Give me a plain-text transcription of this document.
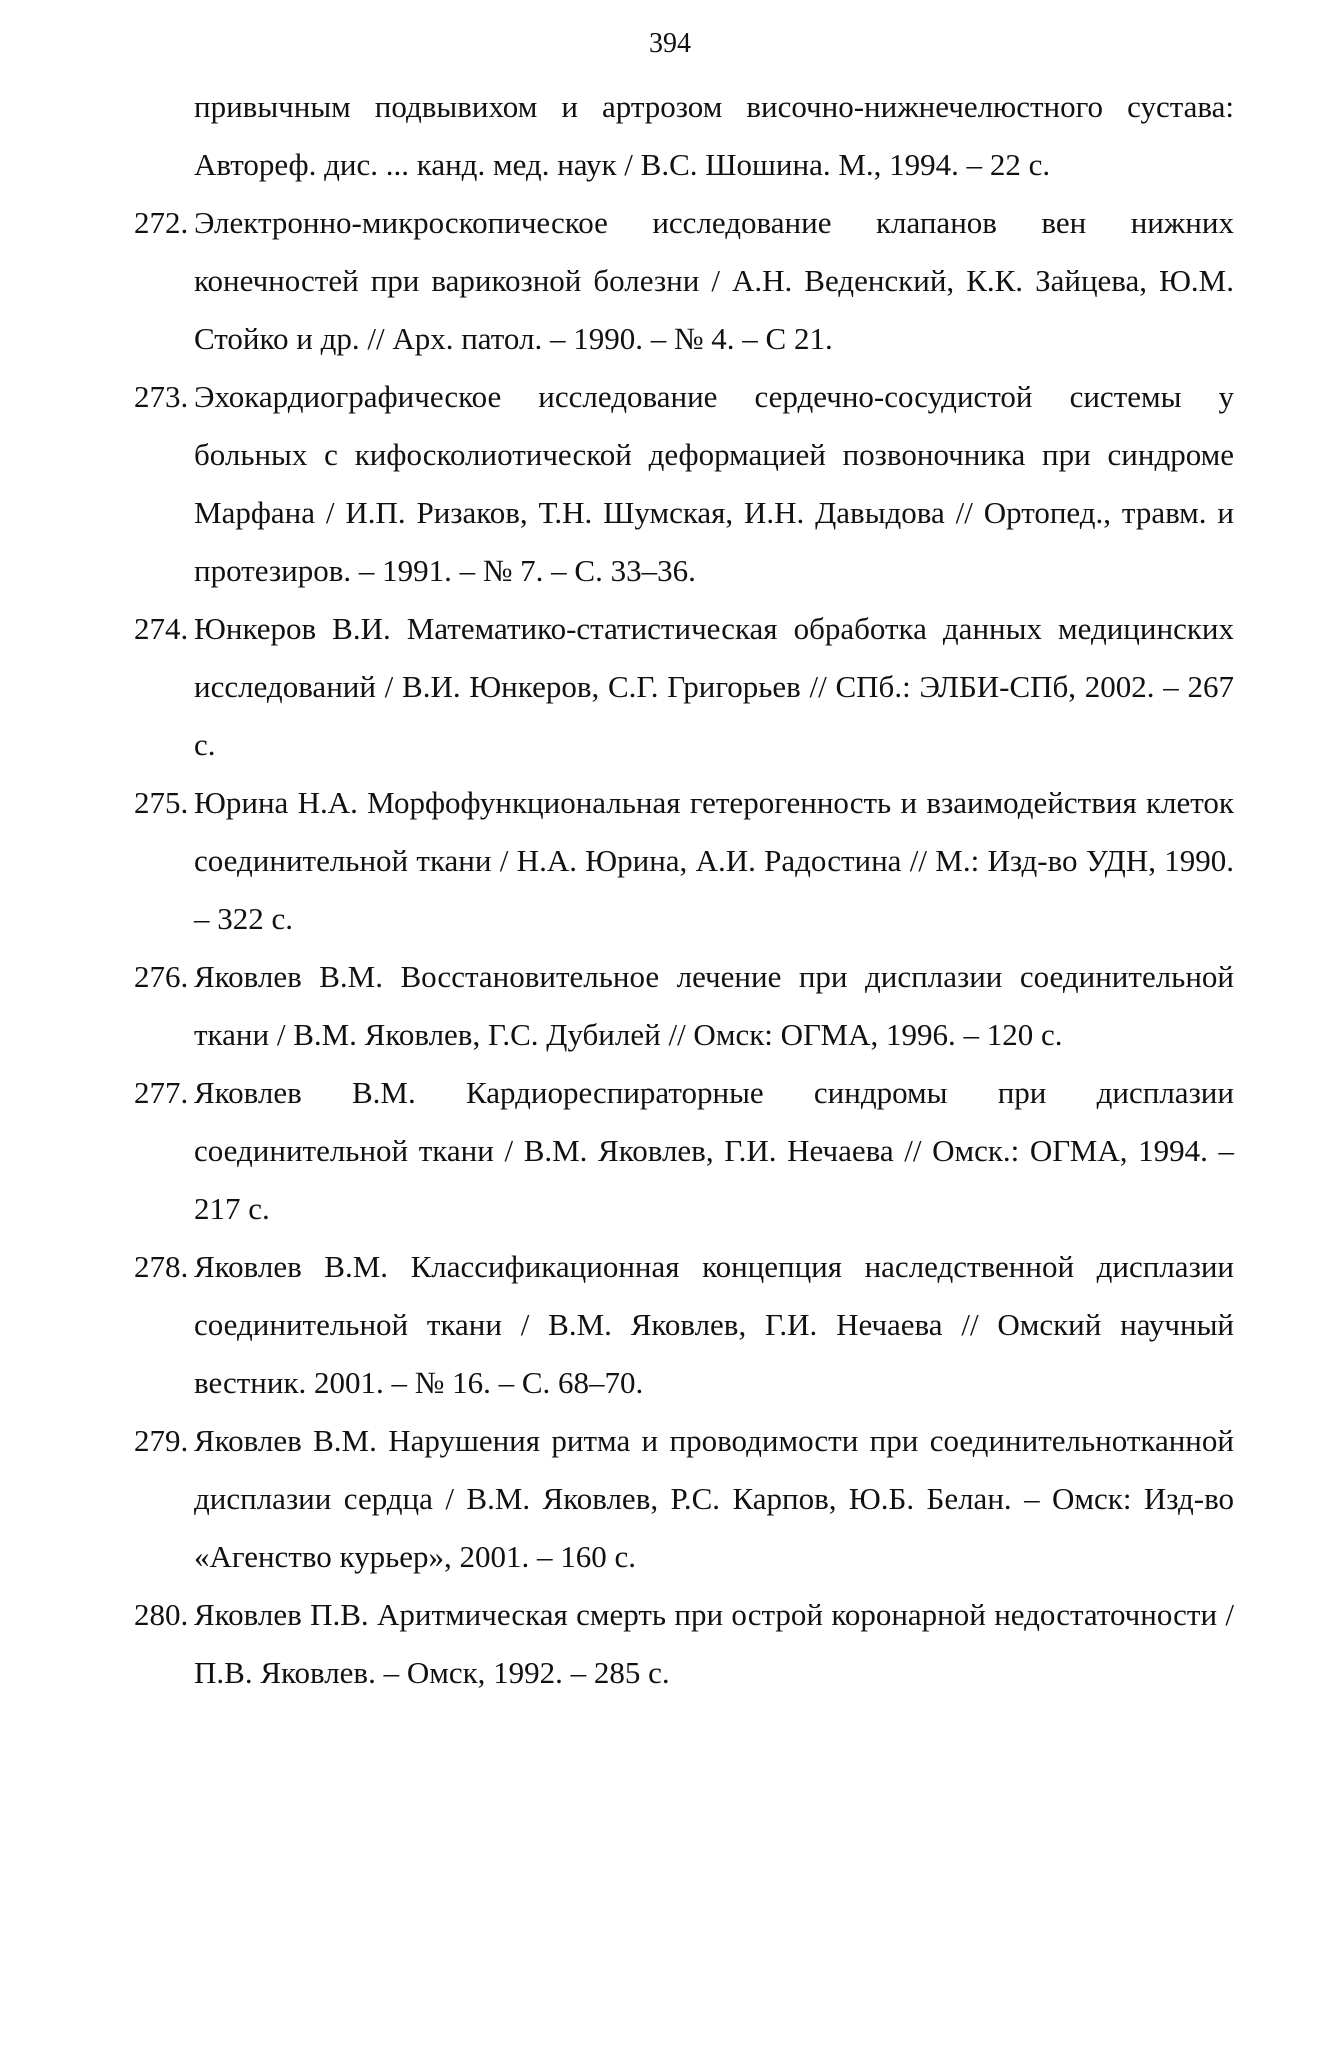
394
привычным подвывихом и артрозом височно-нижнечелюстного сустава: Автореф. дис. ... канд. мед. наук / В.С. Шошина. М., 1994. – 22 с.
272. Электронно-микроскопическое исследование клапанов вен нижних конечностей при варикозной болезни / А.Н. Веденский, К.К. Зайцева, Ю.М. Стойко и др. // Арх. патол. – 1990. – № 4. – С 21.
273. Эхокардиографическое исследование сердечно-сосудистой системы у больных с кифосколиотической деформацией позвоночника при синдроме Марфана / И.П. Ризаков, Т.Н. Шумская, И.Н. Давыдова // Ортопед., травм. и протезиров. – 1991. – № 7. – С. 33–36.
274. Юнкеров В.И. Математико-статистическая обработка данных медицинских исследований / В.И. Юнкеров, С.Г. Григорьев // СПб.: ЭЛБИ-СПб, 2002. – 267 с.
275. Юрина Н.А. Морфофункциональная гетерогенность и взаимодействия клеток соединительной ткани / Н.А. Юрина, А.И. Радостина // М.: Изд-во УДН, 1990. – 322 с.
276. Яковлев В.М. Восстановительное лечение при дисплазии соединительной ткани / В.М. Яковлев, Г.С. Дубилей // Омск: ОГМА, 1996. – 120 с.
277. Яковлев В.М. Кардиореспираторные синдромы при дисплазии соединительной ткани / В.М. Яковлев, Г.И. Нечаева // Омск.: ОГМА, 1994. – 217 с.
278. Яковлев В.М. Классификационная концепция наследственной дисплазии соединительной ткани / В.М. Яковлев, Г.И. Нечаева // Омский научный вестник. 2001. – № 16. – С. 68–70.
279. Яковлев В.М. Нарушения ритма и проводимости при соединительнотканной дисплазии сердца / В.М. Яковлев, Р.С. Карпов, Ю.Б. Белан. – Омск: Изд-во «Агенство курьер», 2001. – 160 с.
280. Яковлев П.В. Аритмическая смерть при острой коронарной недостаточности / П.В. Яковлев. – Омск, 1992. – 285 с.
